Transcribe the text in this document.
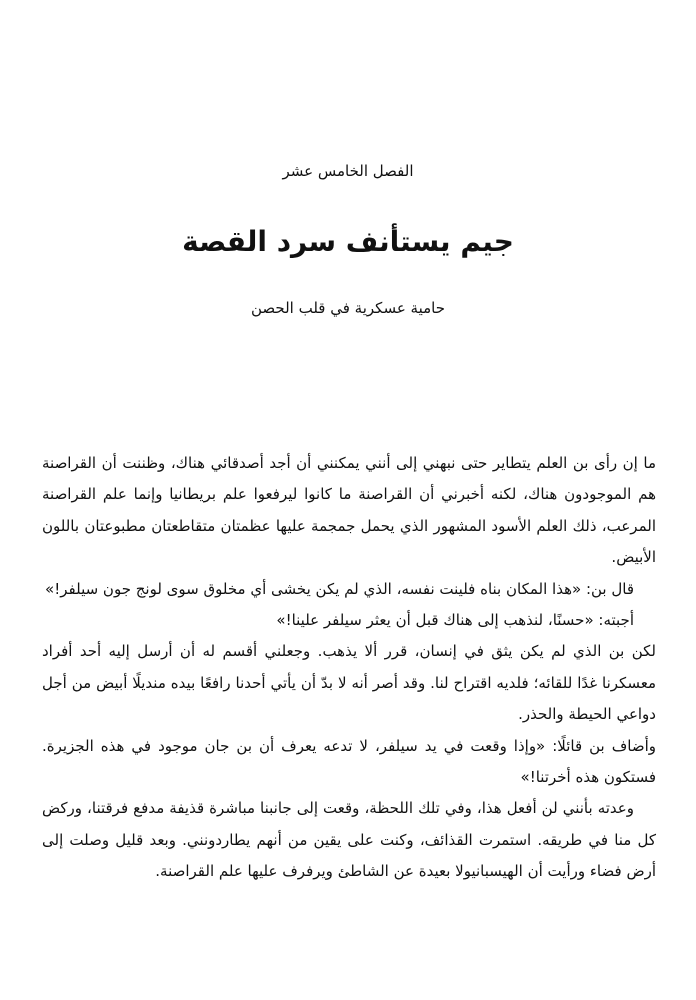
الفصل الخامس عشر
جيم يستأنف سرد القصة
حامية عسكرية في قلب الحصن

ما إن رأى بن العلم يتطاير حتى نبهني إلى أنني يمكنني أن أجد أصدقائي هناك، وظننت أن القراصنة هم الموجودون هناك، لكنه أخبرني أن القراصنة ما كانوا ليرفعوا علم بريطانيا وإنما علم القراصنة المرعب، ذلك العلم الأسود المشهور الذي يحمل جمجمة عليها عظمتان متقاطعتان مطبوعتان باللون الأبيض.

قال بن: «هذا المكان بناه فلينت نفسه، الذي لم يكن يخشى أي مخلوق سوى لونج جون سيلفر!»

أجبته: «حسنًا، لنذهب إلى هناك قبل أن يعثر سيلفر علينا!»

لكن بن الذي لم يكن يثق في إنسان، قرر ألا يذهب. وجعلني أقسم له أن أرسل إليه أحد أفراد معسكرنا غدًا للقائه؛ فلديه اقتراح لنا. وقد أصر أنه لا بدّ أن يأتي أحدنا رافعًا بيده منديلًا أبيض من أجل دواعي الحيطة والحذر.

وأضاف بن قائلًا: «وإذا وقعت في يد سيلفر، لا تدعه يعرف أن بن جان موجود في هذه الجزيرة. فستكون هذه أخرتنا!»

وعدته بأنني لن أفعل هذا، وفي تلك اللحظة، وقعت إلى جانبنا مباشرة قذيفة مدفع فرقتنا، وركض كل منا في طريقه. استمرت القذائف، وكنت على يقين من أنهم يطاردونني. وبعد قليل وصلت إلى أرض فضاء ورأيت أن الهيسبانيولا بعيدة عن الشاطئ ويرفرف عليها علم القراصنة.
